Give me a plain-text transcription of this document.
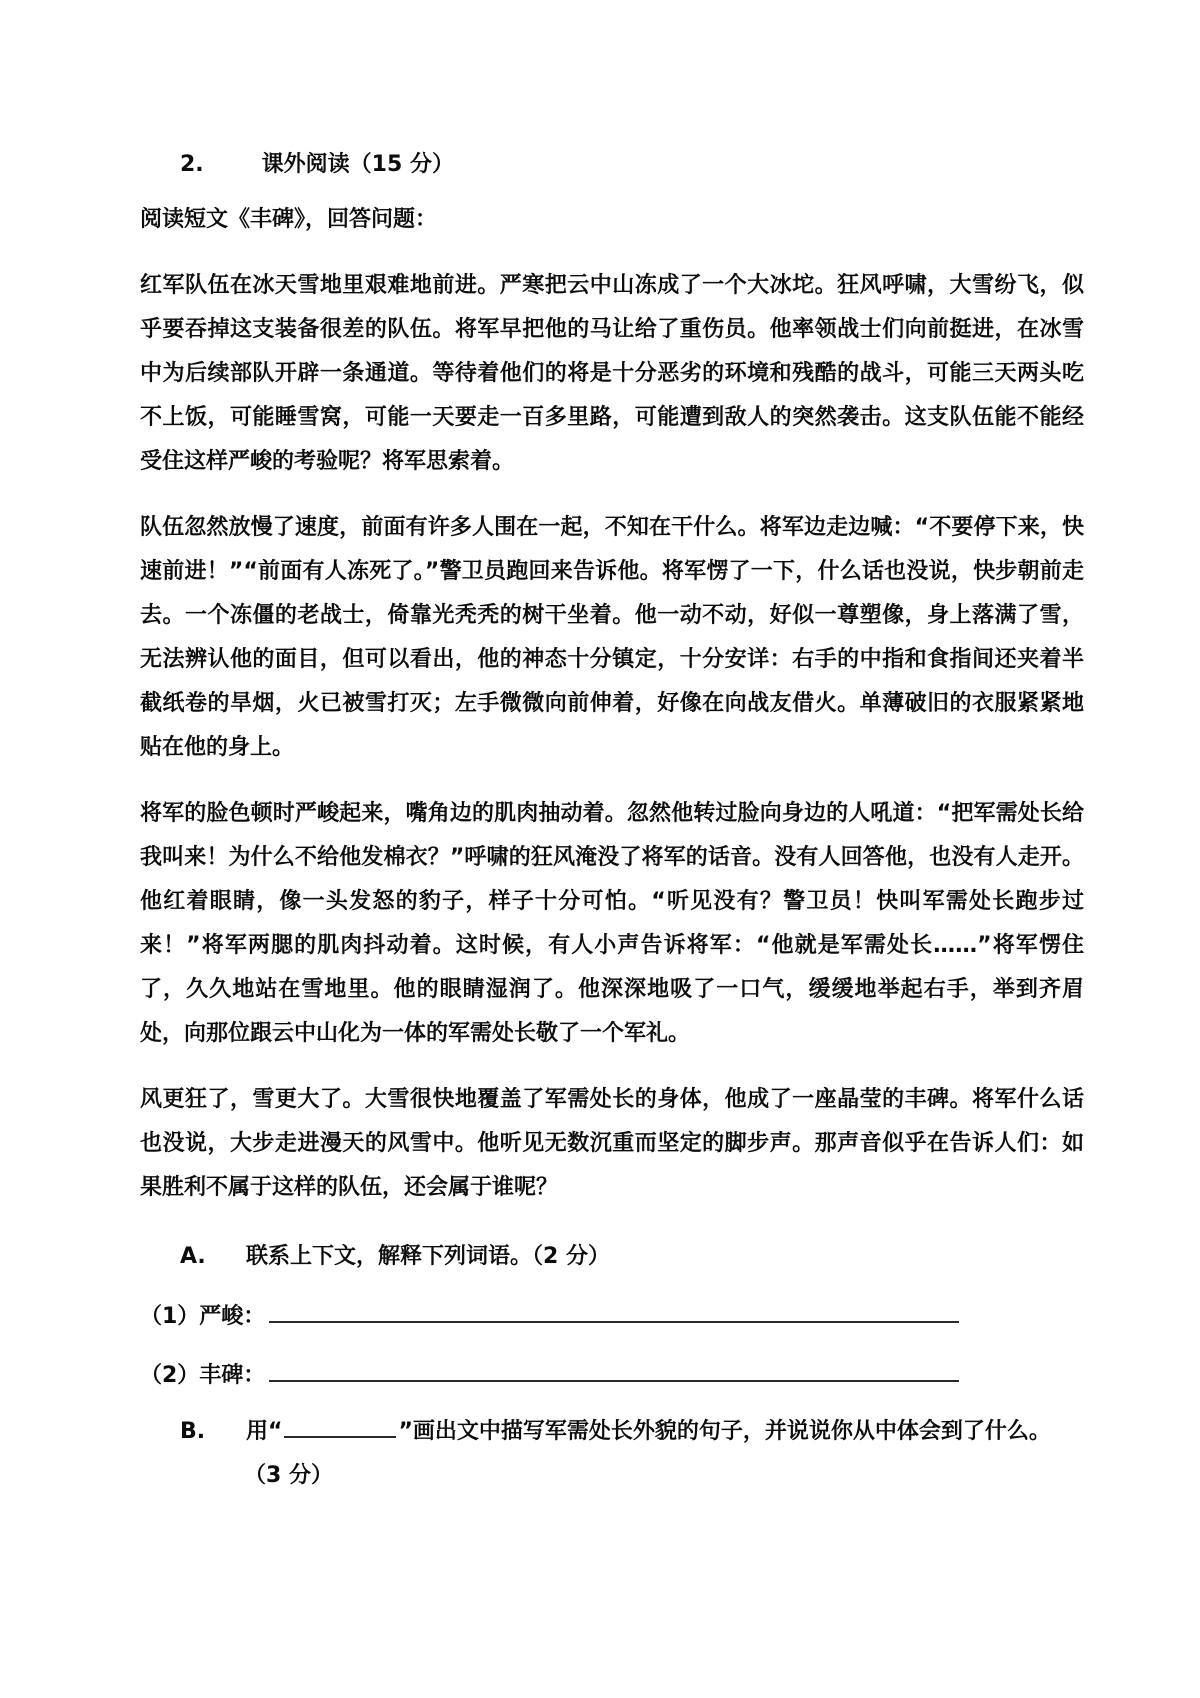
2.	课外阅读（15 分）

阅读短文《丰碑》，回答问题：

红军队伍在冰天雪地里艰难地前进。严寒把云中山冻成了一个大冰坨。狂风呼啸，大雪纷飞，似乎要吞掉这支装备很差的队伍。将军早把他的马让给了重伤员。他率领战士们向前挺进，在冰雪中为后续部队开辟一条通道。等待着他们的将是十分恶劣的环境和残酷的战斗，可能三天两头吃不上饭，可能睡雪窝，可能一天要走一百多里路，可能遭到敌人的突然袭击。这支队伍能不能经受住这样严峻的考验呢？将军思索着。

队伍忽然放慢了速度，前面有许多人围在一起，不知在干什么。将军边走边喊：“不要停下来，快速前进！”“前面有人冻死了。”警卫员跑回来告诉他。将军愣了一下，什么话也没说，快步朝前走去。一个冻僵的老战士，倚靠光秃秃的树干坐着。他一动不动，好似一尊塑像，身上落满了雪，无法辨认他的面目，但可以看出，他的神态十分镇定，十分安详：右手的中指和食指间还夹着半截纸卷的旱烟，火已被雪打灭；左手微微向前伸着，好像在向战友借火。单薄破旧的衣服紧紧地贴在他的身上。

将军的脸色顿时严峻起来，嘴角边的肌肉抽动着。忽然他转过脸向身边的人吼道：“把军需处长给我叫来！为什么不给他发棉衣？”呼啸的狂风淹没了将军的话音。没有人回答他，也没有人走开。他红着眼睛，像一头发怒的豹子，样子十分可怕。“听见没有？警卫员！快叫军需处长跑步过来！”将军两腮的肌肉抖动着。这时候，有人小声告诉将军：“他就是军需处长……”将军愣住了，久久地站在雪地里。他的眼睛湿润了。他深深地吸了一口气，缓缓地举起右手，举到齐眉处，向那位跟云中山化为一体的军需处长敬了一个军礼。

风更狂了，雪更大了。大雪很快地覆盖了军需处长的身体，他成了一座晶莹的丰碑。将军什么话也没说，大步走进漫天的风雪中。他听见无数沉重而坚定的脚步声。那声音似乎在告诉人们：如果胜利不属于这样的队伍，还会属于谁呢？

A.	联系上下文，解释下列词语。（2 分）
（1）严峻：
（2）丰碑：
B.	用“	”画出文中描写军需处长外貌的句子，并说说你从中体会到了什么。
（3 分）
